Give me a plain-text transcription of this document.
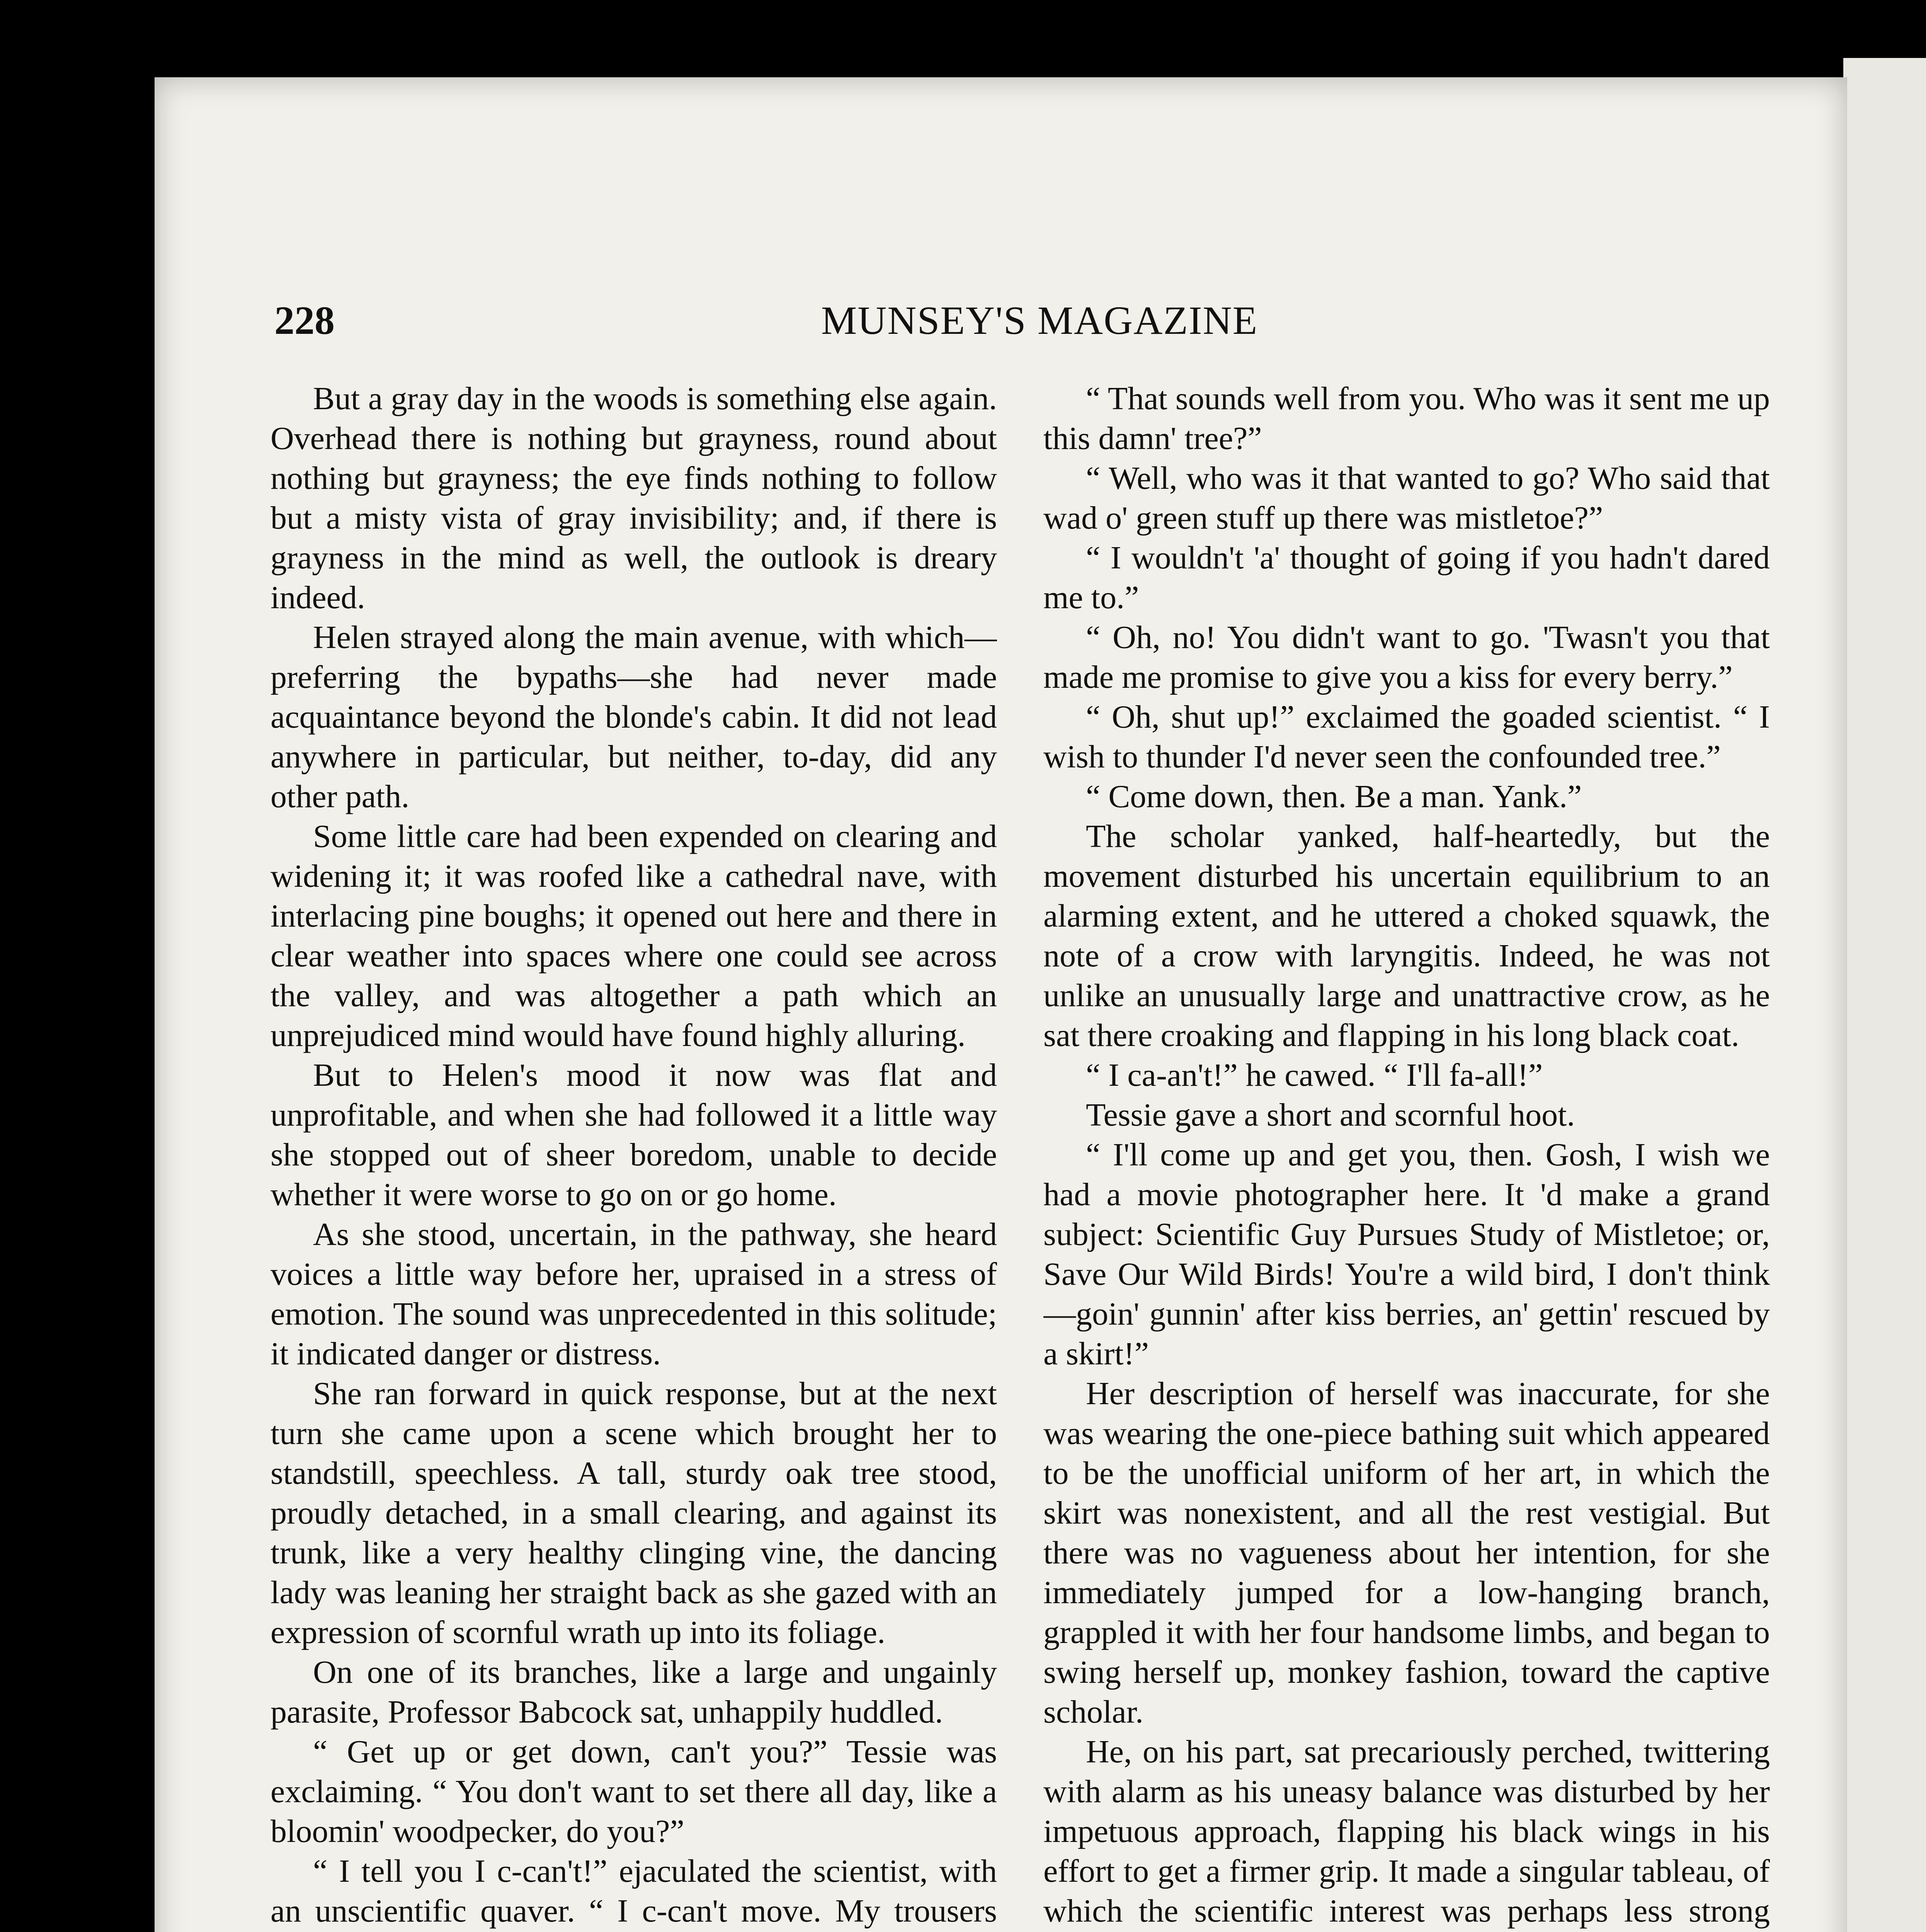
228	MUNSEY'S MAGAZINE

But a gray day in the woods is something else again. Overhead there is nothing but grayness, round about nothing but grayness; the eye finds nothing to follow but a misty vista of gray invisibility; and, if there is grayness in the mind as well, the outlook is dreary indeed.

Helen strayed along the main avenue, with which—preferring the bypaths—she had never made acquaintance beyond the blonde's cabin. It did not lead anywhere in particular, but neither, to-day, did any other path.

Some little care had been expended on clearing and widening it; it was roofed like a cathedral nave, with interlacing pine boughs; it opened out here and there in clear weather into spaces where one could see across the valley, and was altogether a path which an unprejudiced mind would have found highly alluring.

But to Helen's mood it now was flat and unprofitable, and when she had followed it a little way she stopped out of sheer boredom, unable to decide whether it were worse to go on or go home.

As she stood, uncertain, in the pathway, she heard voices a little way before her, upraised in a stress of emotion. The sound was unprecedented in this solitude; it indicated danger or distress.

She ran forward in quick response, but at the next turn she came upon a scene which brought her to standstill, speechless. A tall, sturdy oak tree stood, proudly detached, in a small clearing, and against its trunk, like a very healthy clinging vine, the dancing lady was leaning her straight back as she gazed with an expression of scornful wrath up into its foliage.

On one of its branches, like a large and ungainly parasite, Professor Babcock sat, unhappily huddled.

“ Get up or get down, can't you?” Tessie was exclaiming. “ You don't want to set there all day, like a bloomin' woodpecker, do you?”

“ I tell you I c-can't!” ejaculated the scientist, with an unscientific quaver. “ I c-can't move. My trousers

“ That sounds well from you. Who was it sent me up this damn' tree?”

“ Well, who was it that wanted to go? Who said that wad o' green stuff up there was mistletoe?”

“ I wouldn't 'a' thought of going if you hadn't dared me to.”

“ Oh, no! You didn't want to go. 'Twasn't you that made me promise to give you a kiss for every berry.”

“ Oh, shut up!” exclaimed the goaded scientist. “ I wish to thunder I'd never seen the confounded tree.”

“ Come down, then. Be a man. Yank.”

The scholar yanked, half-heartedly, but the movement disturbed his uncertain equilibrium to an alarming extent, and he uttered a choked squawk, the note of a crow with laryngitis. Indeed, he was not unlike an unusually large and unattractive crow, as he sat there croaking and flapping in his long black coat.

“ I ca-an't!” he cawed. “ I'll fa-all!”

Tessie gave a short and scornful hoot.

“ I'll come up and get you, then. Gosh, I wish we had a movie photographer here. It 'd make a grand subject: Scientific Guy Pursues Study of Mistletoe; or, Save Our Wild Birds! You're a wild bird, I don't think—goin' gunnin' after kiss berries, an' gettin' rescued by a skirt!”

Her description of herself was inaccurate, for she was wearing the one-piece bathing suit which appeared to be the unofficial uniform of her art, in which the skirt was nonexistent, and all the rest vestigial. But there was no vagueness about her intention, for she immediately jumped for a low-hanging branch, grappled it with her four handsome limbs, and began to swing herself up, monkey fashion, toward the captive scholar.

He, on his part, sat precariously perched, twittering with alarm as his uneasy balance was disturbed by her impetuous approach, flapping his black wings in his effort to get a firmer grip. It made a singular tableau, of which the scientific interest was perhaps less strong
